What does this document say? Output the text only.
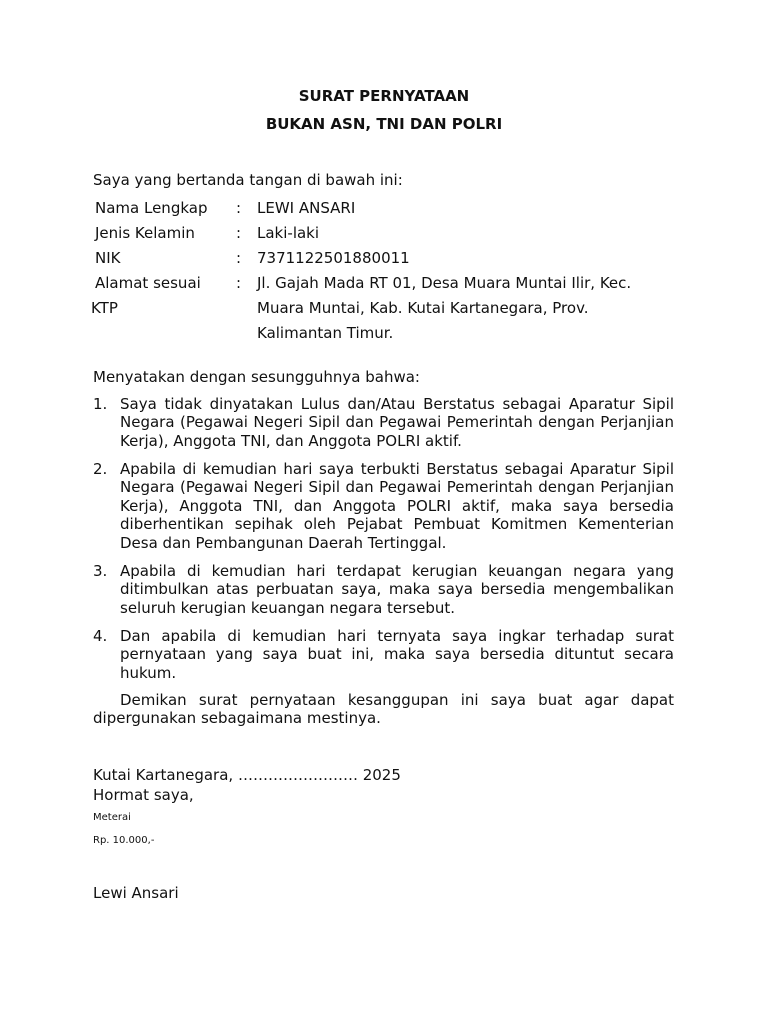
SURAT PERNYATAAN
BUKAN ASN, TNI DAN POLRI
Saya yang bertanda tangan di bawah ini:
Nama Lengkap : LEWI ANSARI
Jenis Kelamin	: Laki-laki
NIK	: 7371122501880011
Alamat sesuai
KTP
: Jl. Gajah Mada RT 01, Desa Muara Muntai Ilir, Kec.
Muara Muntai, Kab. Kutai Kartanegara, Prov.
Kalimantan Timur.
Menyatakan dengan sesungguhnya bahwa:
1. Saya tidak dinyatakan Lulus dan/Atau Berstatus sebagai Aparatur Sipil Negara (Pegawai Negeri Sipil dan Pegawai Pemerintah dengan Perjanjian Kerja), Anggota TNI, dan Anggota POLRI aktif.
2. Apabila di kemudian hari saya terbukti Berstatus sebagai Aparatur Sipil Negara (Pegawai Negeri Sipil dan Pegawai Pemerintah dengan Perjanjian Kerja), Anggota TNI, dan Anggota POLRI aktif, maka saya bersedia diberhentikan sepihak oleh Pejabat Pembuat Komitmen Kementerian Desa dan Pembangunan Daerah Tertinggal.
3. Apabila di kemudian hari terdapat kerugian keuangan negara yang ditimbulkan atas perbuatan saya, maka saya bersedia mengembalikan seluruh kerugian keuangan negara tersebut.
4. Dan apabila di kemudian hari ternyata saya ingkar terhadap surat pernyataan yang saya buat ini, maka saya bersedia dituntut secara hukum.
Demikan surat pernyataan kesanggupan ini saya buat agar dapat dipergunakan sebagaimana mestinya.
Kutai Kartanegara, …………………… 2025
Hormat saya,
Meterai
Rp. 10.000,-
Lewi Ansari
